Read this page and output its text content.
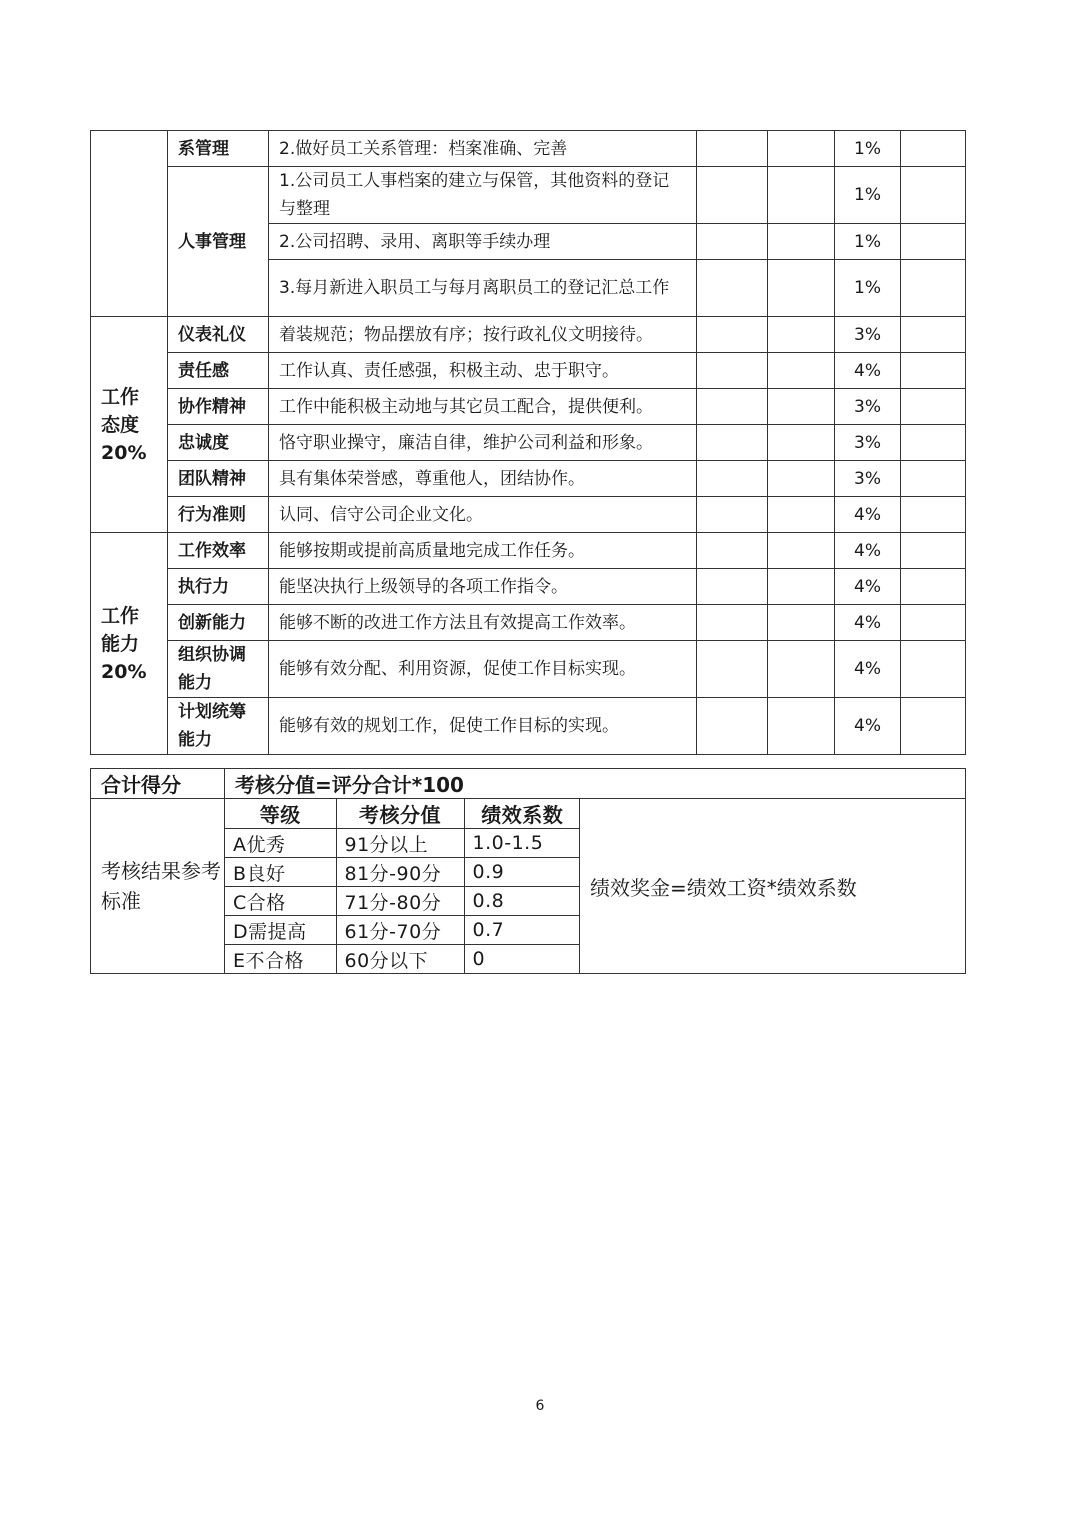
	系管理	2.做好员工关系管理：档案准确、完善			1%	
	人事管理	1.公司员工人事档案的建立与保管，其他资料的登记与整理			1%	
		2.公司招聘、录用、离职等手续办理			1%	
		3.每月新进入职员工与每月离职员工的登记汇总工作			1%	
工作态度20%	仪表礼仪	着装规范；物品摆放有序；按行政礼仪文明接待。			3%	
	责任感	工作认真、责任感强，积极主动、忠于职守。			4%	
	协作精神	工作中能积极主动地与其它员工配合，提供便利。			3%	
	忠诚度	恪守职业操守，廉洁自律，维护公司利益和形象。			3%	
	团队精神	具有集体荣誉感，尊重他人，团结协作。			3%	
	行为准则	认同、信守公司企业文化。			4%	
工作能力20%	工作效率	能够按期或提前高质量地完成工作任务。			4%	
	执行力	能坚决执行上级领导的各项工作指令。			4%	
	创新能力	能够不断的改进工作方法且有效提高工作效率。			4%	
	组织协调能力	能够有效分配、利用资源，促使工作目标实现。			4%	
	计划统筹能力	能够有效的规划工作，促使工作目标的实现。			4%	
合计得分	考核分值=评分合计*100
考核结果参考标准	
等级	考核分值	绩效系数
A优秀	91分以上	1.0-1.5
B良好	81分-90分	0.9
C合格	71分-80分	0.8
D需提高	61分-70分	0.7
E不合格	60分以下	0
	绩效奖金=绩效工资*绩效系数
6
